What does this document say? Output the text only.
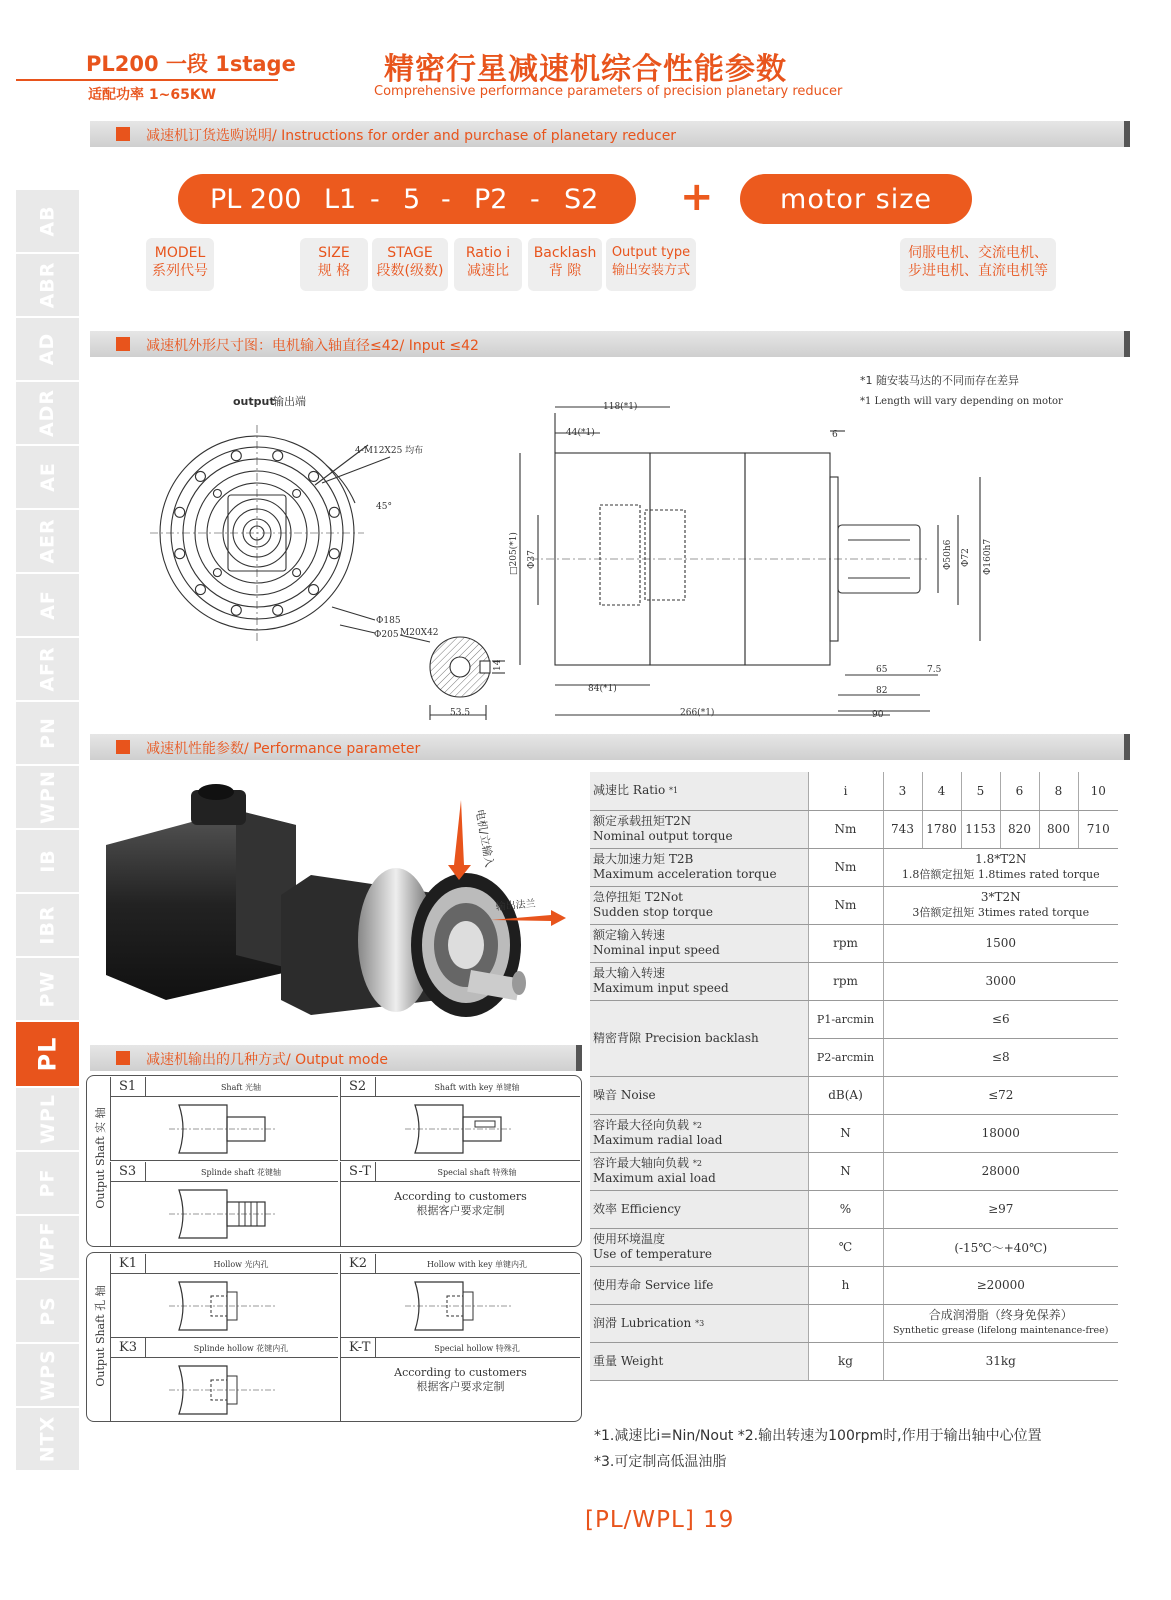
PL200 一段 1stage
适配功率 1~65KW
精密行星减速机综合性能参数
Comprehensive performance parameters of precision planetary reducer
AB
ABR
AD
ADR
AE
AER
AF
AFR
PN
WPN
IB
IBR
PW
PL
WPL
PF
WPF
PS
WPS
NTX
减速机订货选购说明/ Instructions for order and purchase of planetary reducer
减速机外形尺寸图：电机输入轴直径≤42/ Input ≤42
减速机性能参数/ Performance parameter
减速机输出的几种方式/ Output mode
PL 200 L1 - 5 - P2 - S2 +	motor size
MODEL
系列代号
SIZE
规 格
STAGE
段数(级数)
Ratio i
减速比
Backlash
背 隙
Output type
输出安装方式
伺服电机、交流电机、
步进电机、直流电机等
output
输出端
4-M12X25 均布
45°
Φ185
Φ205 M20X42
53.5
14
118(*1)
44(*1)	6
□205(*1) Φ37
84(*1)
266(*1)
65	7.5
82
90
Φ50h6 Φ72 Φ160h7
*1 随安装马达的不同而存在差异
*1 Length will vary depending on motor
电机/立输入
输出法兰
减速比 Ratio $^{*1}$	i	3	4	5	6	8	10
额定承载扭矩T2N
Nominal output torque	Nm	743	1780	1153	820	800	710
最大加速力矩 T2B
Maximum acceleration torque	Nm	1.8*T2N
1.8倍额定扭矩 1.8times rated torque					
急停扭矩 T2Not
Sudden stop torque	Nm	3*T2N
3倍额定扭矩 3times rated torque					
额定输入转速
Nominal input speed	rpm	1500					
最大输入转速
Maximum input speed	rpm	3000					
精密背隙 Precision backlash	P1-arcmin	≤6					
	P2-arcmin	≤8					
噪音 Noise	dB(A)	≤72					
容许最大径向负载 $^{*2}$
Maximum radial load	N	18000					
容许最大轴向负载 $^{*2}$
Maximum axial load	N	28000					
效率 Efficiency	%	≥97					
使用环境温度
Use of temperature	℃	(-15℃～+40℃)					
使用寿命 Service life	h	≥20000					
润滑 Lubrication $^{*3}$		合成润滑脂（终身免保养）
Synthetic grease (lifelong maintenance-free)					
重量 Weight	kg	31kg					
Output Shaft 实 轴
Output Shaft 孔 轴
S1	Shaft 光轴	S2	Shaft with key 单键轴
S3	Splinde shaft 花键轴	S-T	Special shaft 特殊轴
According to customers
根据客户要求定制
K1	Hollow 光内孔	K2	Hollow with key 单键内孔
K3	Splinde hollow 花键内孔	K-T	Special hollow 特殊孔
According to customers
根据客户要求定制
*1.减速比i=Nin/Nout *2.输出转速为100rpm时,作用于输出轴中心位置
*3.可定制高低温油脂
[PL/WPL] 19
